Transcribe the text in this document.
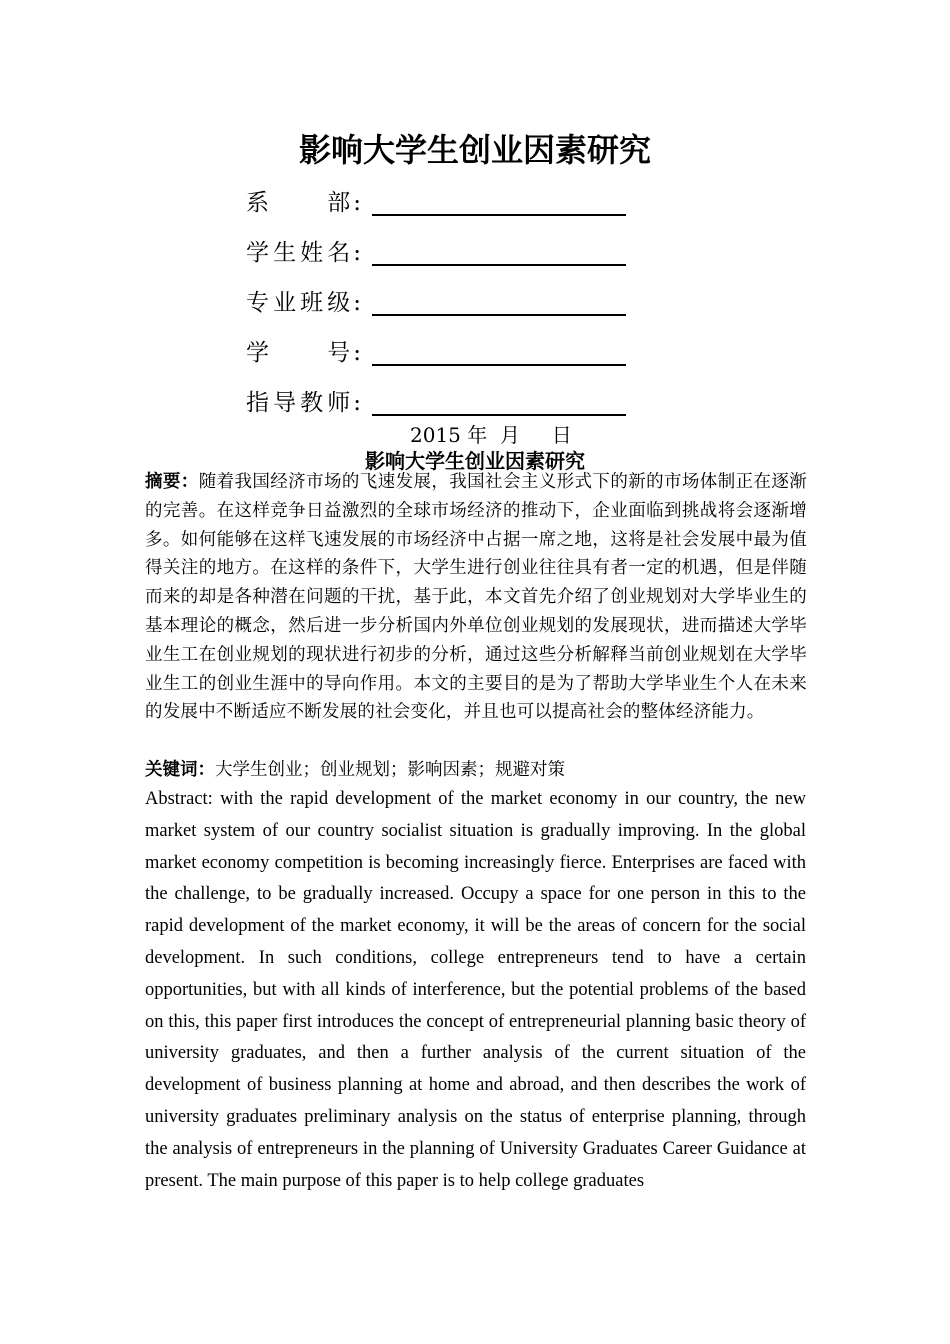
影响大学生创业因素研究
系 部 :
学 生 姓 名 :
专 业 班 级 :
学 号 :
指 导 教 师 :
2015 年  月     日
影响大学生创业因素研究
摘要：随着我国经济市场的飞速发展，我国社会主义形式下的新的市场体制正在逐渐的完善。在这样竞争日益激烈的全球市场经济的推动下，企业面临到挑战将会逐渐增多。如何能够在这样飞速发展的市场经济中占据一席之地，这将是社会发展中最为值得关注的地方。在这样的条件下，大学生进行创业往往具有者一定的机遇，但是伴随而来的却是各种潜在问题的干扰，基于此，本文首先介绍了创业规划对大学毕业生的基本理论的概念，然后进一步分析国内外单位创业规划的发展现状，进而描述大学毕业生工在创业规划的现状进行初步的分析，通过这些分析解释当前创业规划在大学毕业生工的创业生涯中的导向作用。本文的主要目的是为了帮助大学毕业生个人在未来的发展中不断适应不断发展的社会变化，并且也可以提高社会的整体经济能力。
关键词：大学生创业；创业规划；影响因素；规避对策
Abstract: with the rapid development of the market economy in our country, the new market system of our country socialist situation is gradually improving. In the global market economy competition is becoming increasingly fierce. Enterprises are faced with the challenge, to be gradually increased. Occupy a space for one person in this to the rapid development of the market economy, it will be the areas of concern for the social development. In such conditions, college entrepreneurs tend to have a certain opportunities, but with all kinds of interference, but the potential problems of the based on this, this paper first introduces the concept of entrepreneurial planning basic theory of university graduates, and then a further analysis of the current situation of the development of business planning at home and abroad, and then describes the work of university graduates preliminary analysis on the status of enterprise planning, through the analysis of entrepreneurs in the planning of University Graduates Career Guidance at present. The main purpose of this paper is to help college graduates
